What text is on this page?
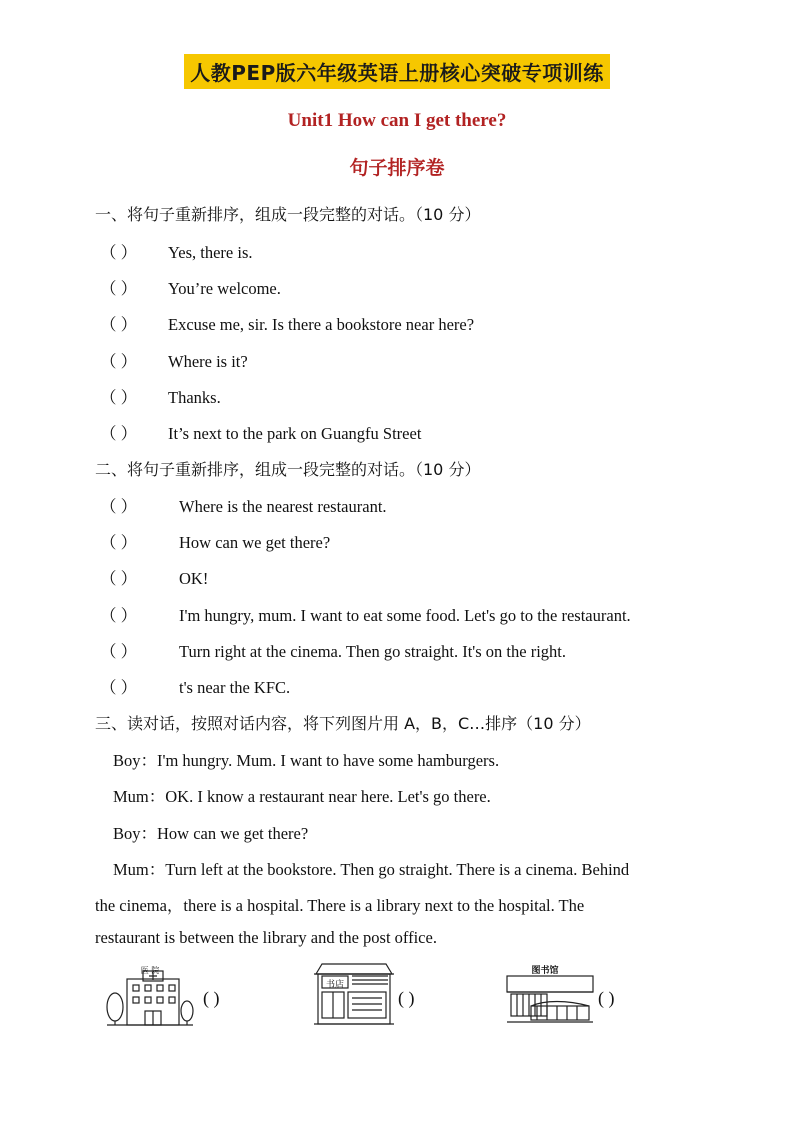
人教PEP版六年级英语上册核心突破专项训练
Unit1 How can I get there?
句子排序卷
一、将句子重新排序，组成一段完整的对话。（10 分）
（ ） Yes, there is.
（ ） You’re welcome.
（ ） Excuse me, sir. Is there a bookstore near here?
（ ） Where is it?
（ ） Thanks.
（ ） It’s next to the park on Guangfu Street
二、将句子重新排序，组成一段完整的对话。（10 分）
（ ）	Where is the nearest restaurant.
（ ）	How can we get there?
（ ）	OK!
（ ）	I'm hungry, mum. I want to eat some food. Let's go to the restaurant.
（ ）	Turn right at the cinema. Then go straight. It's on the right.
（ ）	t's near the KFC.
三、读对话，按照对话内容，将下列图片用 A，B，C…排序（10 分）
Boy：I'm hungry. Mum. I want to have some hamburgers.
Mum：OK. I know a restaurant near here. Let's go there.
Boy：How can we get there?
Mum：Turn left at the bookstore. Then go straight. There is a cinema. Behind
the cinema，there is a hospital. There is a library next to the hospital. The
restaurant is between the library and the post office.
医 院
( )
书店
( )
图书馆
( )
